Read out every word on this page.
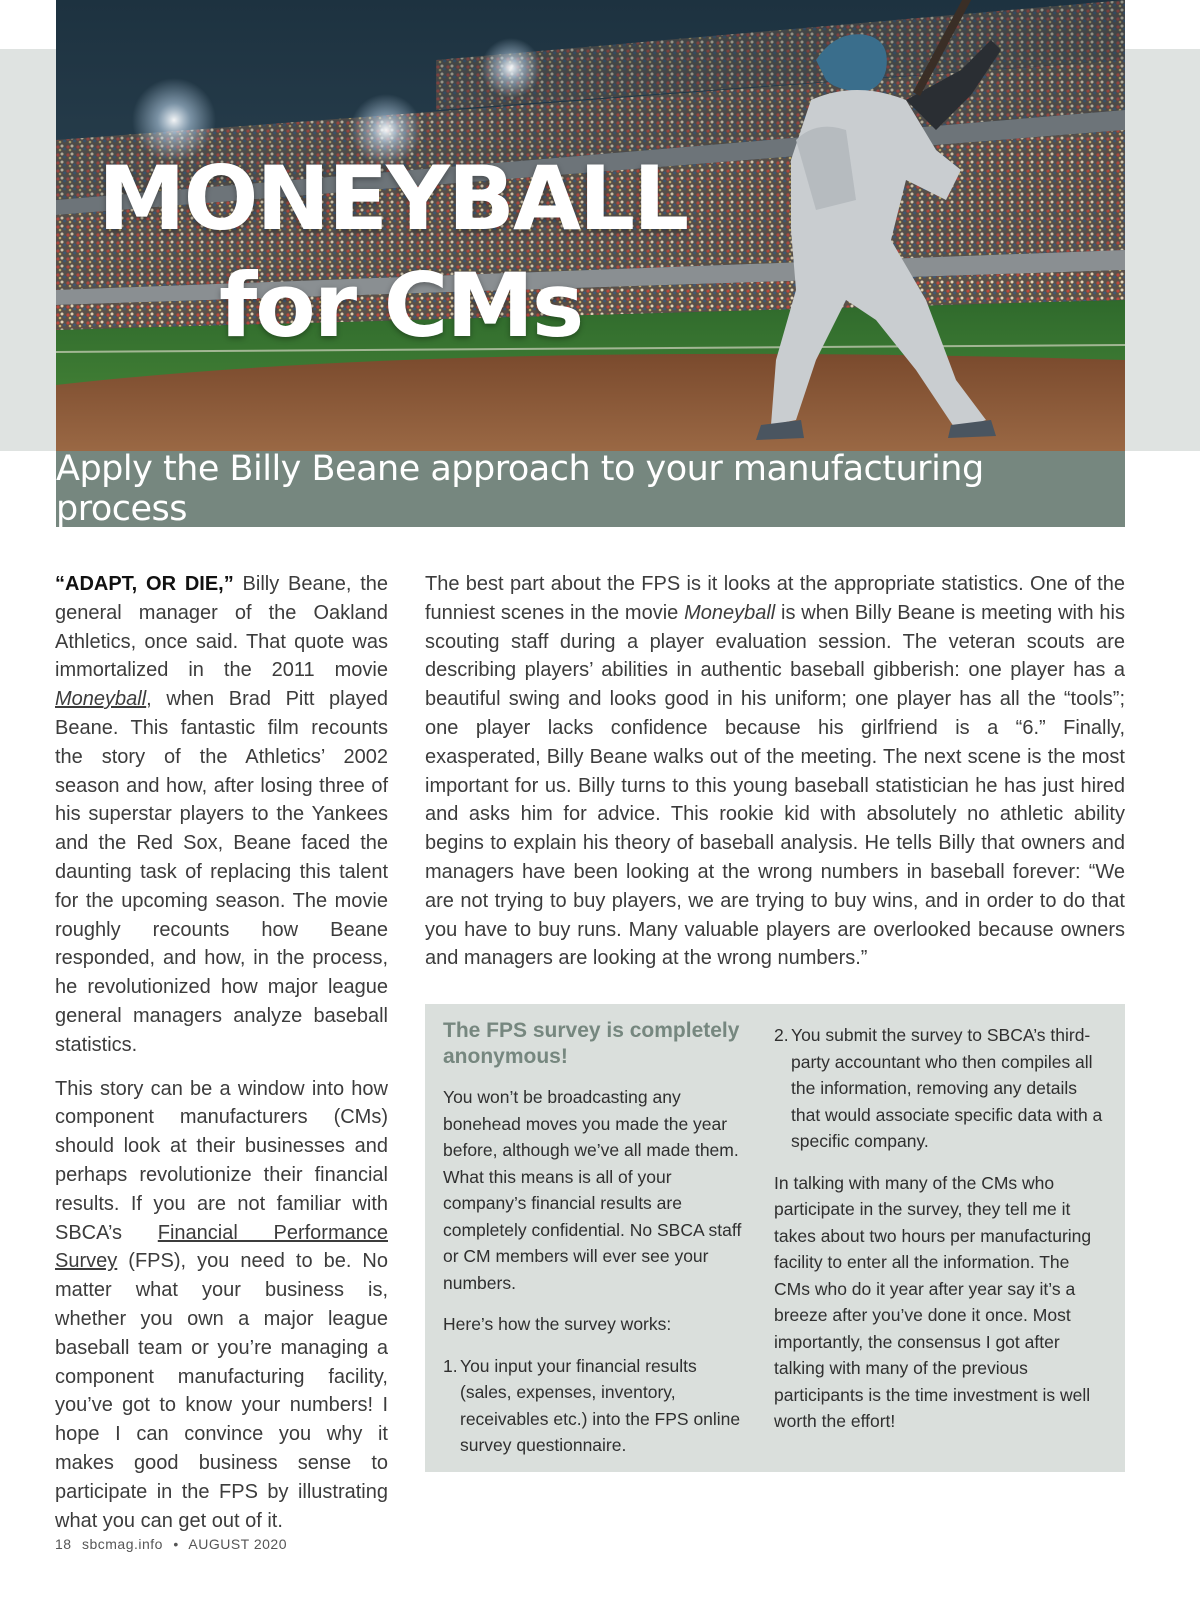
MONEYBALL
for CMs
Apply the Billy Beane approach to your manufacturing process

“ADAPT, OR DIE,” Billy Beane, the general manager of the Oakland Athletics, once said. That quote was immortalized in the 2011 movie Moneyball, when Brad Pitt played Beane. This fantastic film recounts the story of the Athletics’ 2002 season and how, after losing three of his superstar players to the Yankees and the Red Sox, Beane faced the daunting task of replacing this talent for the upcoming season. The movie roughly recounts how Beane responded, and how, in the process, he revolutionized how major league general managers analyze baseball statistics.

This story can be a window into how component manufacturers (CMs) should look at their businesses and perhaps revolutionize their financial results. If you are not familiar with SBCA’s Financial Performance Survey (FPS), you need to be. No matter what your business is, whether you own a major league baseball team or you’re managing a component manufacturing facility, you’ve got to know your numbers! I hope I can convince you why it makes good business sense to participate in the FPS by illustrating what you can get out of it.

The best part about the FPS is it looks at the appropriate statistics. One of the funniest scenes in the movie Moneyball is when Billy Beane is meeting with his scouting staff during a player evaluation session. The veteran scouts are describing players’ abilities in authentic baseball gibberish: one player has a beautiful swing and looks good in his uniform; one player has all the “tools”; one player lacks confidence because his girlfriend is a “6.” Finally, exasperated, Billy Beane walks out of the meeting. The next scene is the most important for us. Billy turns to this young baseball statistician he has just hired and asks him for advice. This rookie kid with absolutely no athletic ability begins to explain his theory of baseball analysis. He tells Billy that owners and managers have been looking at the wrong numbers in baseball forever: “We are not trying to buy players, we are trying to buy wins, and in order to do that you have to buy runs. Many valuable players are overlooked because owners and managers are looking at the wrong numbers.”

The FPS survey is completely anonymous!

You won’t be broadcasting any bonehead moves you made the year before, although we’ve all made them. What this means is all of your company’s financial results are completely confidential. No SBCA staff or CM members will ever see your numbers.

Here’s how the survey works:

1. You input your financial results (sales, expenses, inventory, receivables etc.) into the FPS online survey questionnaire.
2. You submit the survey to SBCA’s third-party accountant who then compiles all the information, removing any details that would associate specific data with a specific company.

In talking with many of the CMs who participate in the survey, they tell me it takes about two hours per manufacturing facility to enter all the information. The CMs who do it year after year say it’s a breeze after you’ve done it once. Most importantly, the consensus I got after talking with many of the previous participants is the time investment is well worth the effort!

18 sbcmag.info • AUGUST 2020
